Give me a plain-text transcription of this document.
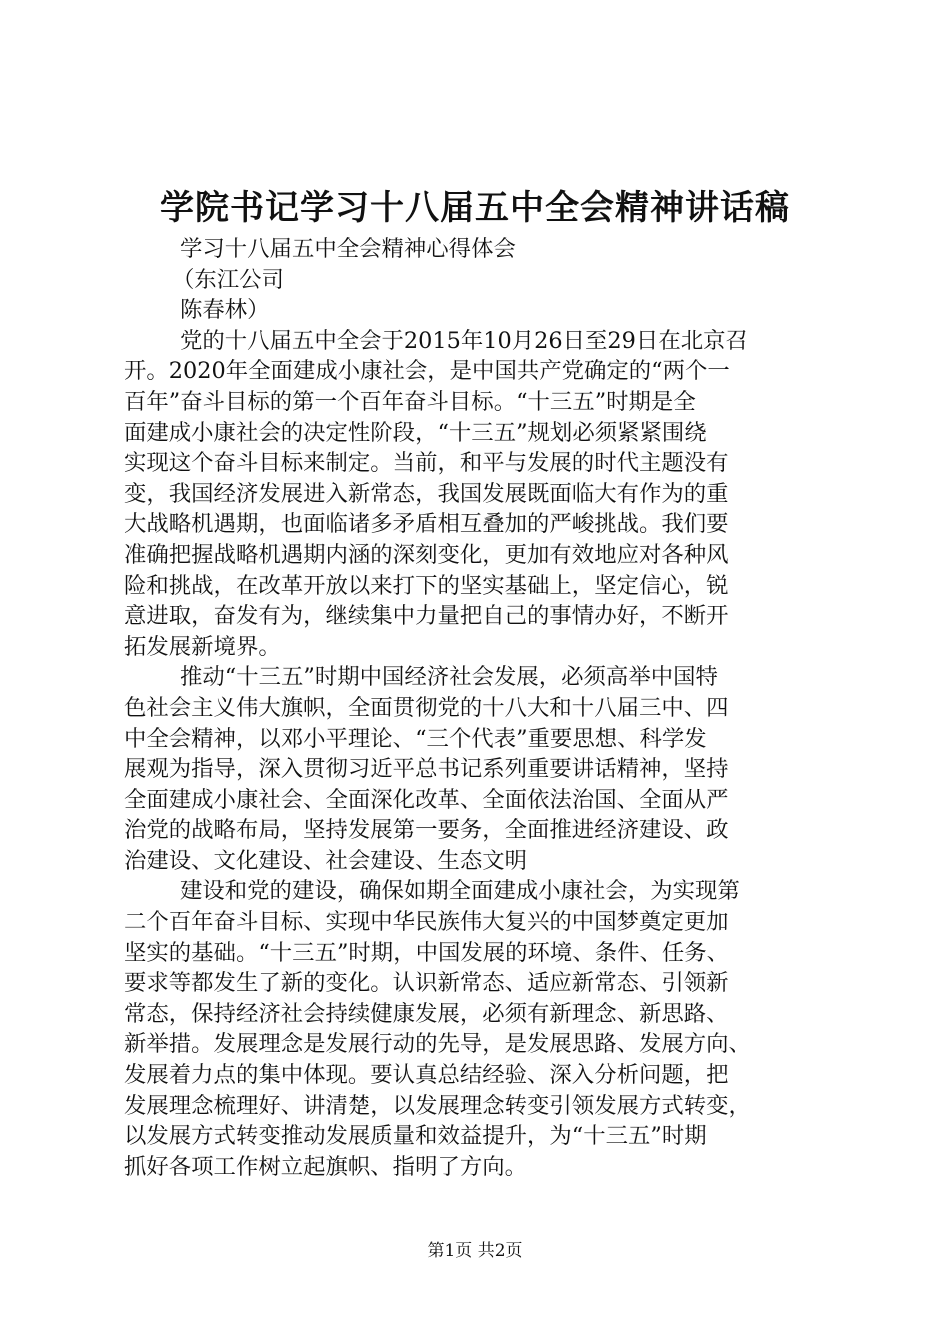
学院书记学习十八届五中全会精神讲话稿
学习十八届五中全会精神心得体会
（东江公司
陈春林）
党的十八届五中全会于2015年10月26日至29日在北京召
开。2020年全面建成小康社会，是中国共产党确定的“两个一
百年”奋斗目标的第一个百年奋斗目标。“十三五”时期是全
面建成小康社会的决定性阶段，“十三五”规划必须紧紧围绕
实现这个奋斗目标来制定。当前，和平与发展的时代主题没有
变，我国经济发展进入新常态，我国发展既面临大有作为的重
大战略机遇期，也面临诸多矛盾相互叠加的严峻挑战。我们要
准确把握战略机遇期内涵的深刻变化，更加有效地应对各种风
险和挑战，在改革开放以来打下的坚实基础上，坚定信心，锐
意进取，奋发有为，继续集中力量把自己的事情办好，不断开
拓发展新境界。
推动“十三五”时期中国经济社会发展，必须高举中国特
色社会主义伟大旗帜，全面贯彻党的十八大和十八届三中、四
中全会精神，以邓小平理论、“三个代表”重要思想、科学发
展观为指导，深入贯彻习近平总书记系列重要讲话精神，坚持
全面建成小康社会、全面深化改革、全面依法治国、全面从严
治党的战略布局，坚持发展第一要务，全面推进经济建设、政
治建设、文化建设、社会建设、生态文明
建设和党的建设，确保如期全面建成小康社会，为实现第
二个百年奋斗目标、实现中华民族伟大复兴的中国梦奠定更加
坚实的基础。“十三五”时期，中国发展的环境、条件、任务、
要求等都发生了新的变化。认识新常态、适应新常态、引领新
常态，保持经济社会持续健康发展，必须有新理念、新思路、
新举措。发展理念是发展行动的先导，是发展思路、发展方向、
发展着力点的集中体现。要认真总结经验、深入分析问题，把
发展理念梳理好、讲清楚，以发展理念转变引领发展方式转变，
以发展方式转变推动发展质量和效益提升，为“十三五”时期
抓好各项工作树立起旗帜、指明了方向。
第1页 共2页
